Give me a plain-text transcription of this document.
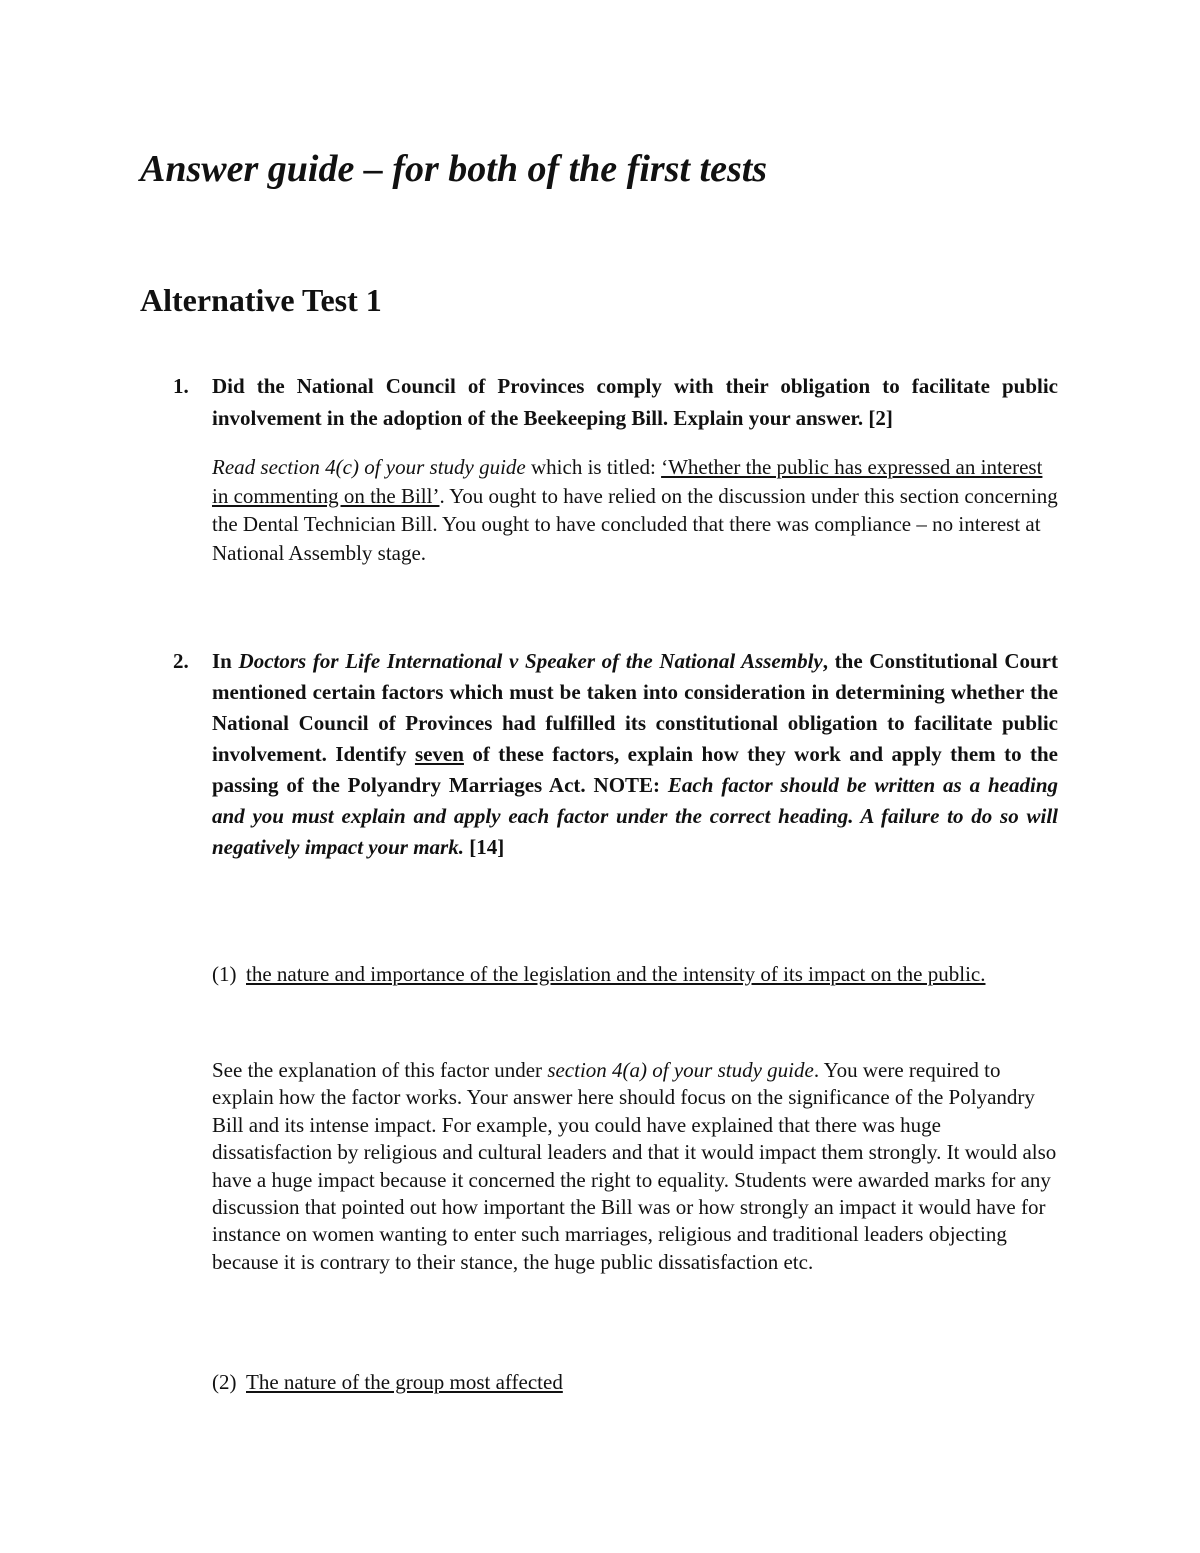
Answer guide – for both of the first tests
Alternative Test 1
1. Did the National Council of Provinces comply with their obligation to facilitate public involvement in the adoption of the Beekeeping Bill. Explain your answer. [2]
Read section 4(c) of your study guide which is titled: ‘Whether the public has expressed an interest in commenting on the Bill’. You ought to have relied on the discussion under this section concerning the Dental Technician Bill. You ought to have concluded that there was compliance – no interest at National Assembly stage.
2. In Doctors for Life International v Speaker of the National Assembly, the Constitutional Court mentioned certain factors which must be taken into consideration in determining whether the National Council of Provinces had fulfilled its constitutional obligation to facilitate public involvement. Identify seven of these factors, explain how they work and apply them to the passing of the Polyandry Marriages Act. NOTE: Each factor should be written as a heading and you must explain and apply each factor under the correct heading. A failure to do so will negatively impact your mark. [14]
(1) the nature and importance of the legislation and the intensity of its impact on the public.
See the explanation of this factor under section 4(a) of your study guide. You were required to explain how the factor works. Your answer here should focus on the significance of the Polyandry Bill and its intense impact. For example, you could have explained that there was huge dissatisfaction by religious and cultural leaders and that it would impact them strongly. It would also have a huge impact because it concerned the right to equality. Students were awarded marks for any discussion that pointed out how important the Bill was or how strongly an impact it would have for instance on women wanting to enter such marriages, religious and traditional leaders objecting because it is contrary to their stance, the huge public dissatisfaction etc.
(2) The nature of the group most affected
